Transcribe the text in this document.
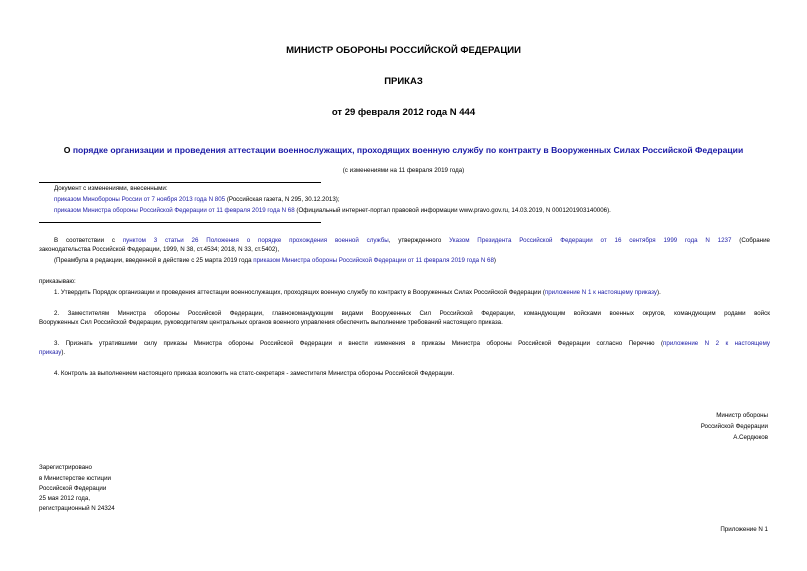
МИНИСТР ОБОРОНЫ РОССИЙСКОЙ ФЕДЕРАЦИИ
ПРИКАЗ
от 29 февраля 2012 года N 444
О порядке организации и проведения аттестации военнослужащих, проходящих военную службу по контракту в Вооруженных Силах Российской Федерации
(с изменениями на 11 февраля 2019 года)
Документ с изменениями, внесенными:
приказом Минобороны России от 7 ноября 2013 года N 805 (Российская газета, N 295, 30.12.2013);
приказом Министра обороны Российской Федерации от 11 февраля 2019 года N 68 (Официальный интернет-портал правовой информации www.pravo.gov.ru, 14.03.2019, N 0001201903140006).
В соответствии с пунктом 3 статьи 26 Положения о порядке прохождения военной службы, утвержденного Указом Президента Российской Федерации от 16 сентября 1999 года N 1237 (Собрание
законодательства Российской Федерации, 1999, N 38, ст.4534; 2018, N 33, ст.5402),
(Преамбула в редакции, введенной в действие с 25 марта 2019 года приказом Министра обороны Российской Федерации от 11 февраля 2019 года N 68)
приказываю:
1. Утвердить Порядок организации и проведения аттестации военнослужащих, проходящих военную службу по контракту в Вооруженных Силах Российской Федерации (приложение N 1 к настоящему приказу).
2. Заместителям Министра обороны Российской Федерации, главнокомандующим видами Вооруженных Сил Российской Федерации, командующим войсками военных округов, командующим родами войск
Вооруженных Сил Российской Федерации, руководителям центральных органов военного управления обеспечить выполнение требований настоящего приказа.
3. Признать утратившими силу приказы Министра обороны Российской Федерации и внести изменения в приказы Министра обороны Российской Федерации согласно Перечню (приложение N 2 к настоящему
приказу).
4. Контроль за выполнением настоящего приказа возложить на статс-секретаря - заместителя Министра обороны Российской Федерации.
Министр обороны
Российской Федерации
А.Сердюков
Зарегистрировано
в Министерстве юстиции
Российской Федерации
25 мая 2012 года,
регистрационный N 24324
Приложение N 1
